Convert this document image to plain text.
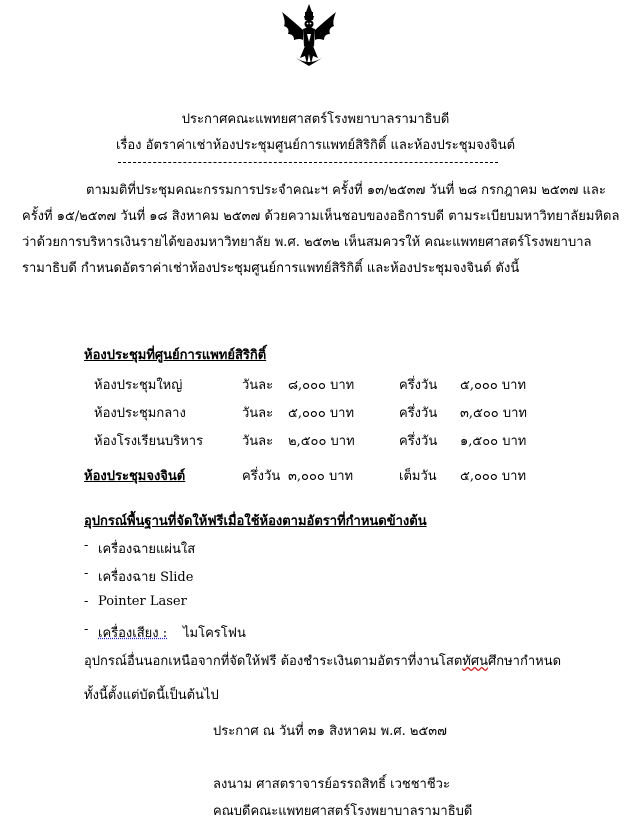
ประกาศคณะแพทยศาสตร์โรงพยาบาลรามาธิบดี
เรื่อง อัตราค่าเช่าห้องประชุมศูนย์การแพทย์สิริกิติ์ และห้องประชุมจงจินต์
ตามมติที่ประชุมคณะกรรมการประจำคณะฯ ครั้งที่ ๑๓/๒๕๓๗ วันที่ ๒๘ กรกฎาคม ๒๕๓๗ และ ครั้งที่ ๑๕/๒๕๓๗ วันที่ ๑๘ สิงหาคม ๒๕๓๗ ด้วยความเห็นชอบของอธิการบดี ตามระเบียบมหาวิทยาลัยมหิดล ว่าด้วยการบริหารเงินรายได้ของมหาวิทยาลัย พ.ศ. ๒๕๓๒ เห็นสมควรให้ คณะแพทยศาสตร์โรงพยาบาลรามาธิบดี กำหนดอัตราค่าเช่าห้องประชุมศูนย์การแพทย์สิริกิติ์ และห้องประชุมจงจินต์ ดังนี้
ห้องประชุมที่ศูนย์การแพทย์สิริกิติ์
ห้องประชุมใหญ่	วันละ ๘,๐๐๐ บาท	ครึ่งวัน ๕,๐๐๐ บาท
ห้องประชุมกลาง	วันละ ๕,๐๐๐ บาท	ครึ่งวัน ๓,๕๐๐ บาท
ห้องโรงเรียนบริหาร	วันละ ๒,๕๐๐ บาท	ครึ่งวัน ๑,๕๐๐ บาท
ห้องประชุมจงจินต์	ครึ่งวัน ๓,๐๐๐ บาท	เต็มวัน ๕,๐๐๐ บาท
อุปกรณ์พื้นฐานที่จัดให้ฟรีเมื่อใช้ห้องตามอัตราที่กำหนดข้างต้น
- เครื่องฉายแผ่นใส
- เครื่องฉาย Slide
- Pointer Laser
- เครื่องเสียง : ไมโครโฟน
อุปกรณ์อื่นนอกเหนือจากที่จัดให้ฟรี ต้องชำระเงินตามอัตราที่งานโสตทัศนศึกษากำหนด
ทั้งนี้ตั้งแต่บัดนี้เป็นต้นไป
ประกาศ ณ วันที่ ๓๑ สิงหาคม พ.ศ. ๒๕๓๗
ลงนาม ศาสตราจารย์อรรถสิทธิ์ เวชชาชีวะ
คณบดีคณะแพทยศาสตร์โรงพยาบาลรามาธิบดี
